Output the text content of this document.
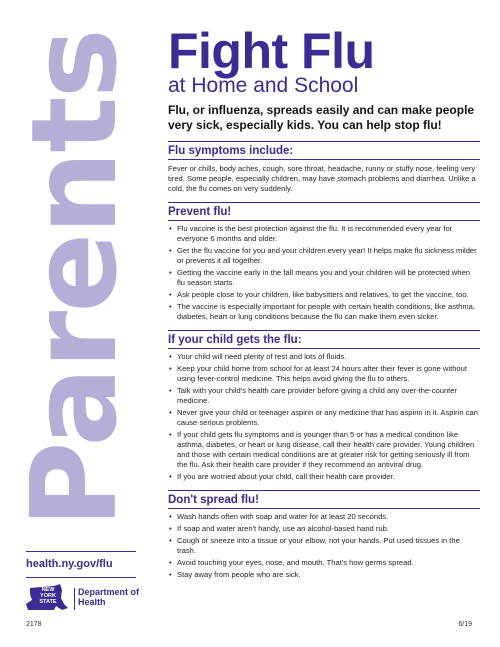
Parents
health.ny.gov/flu
NEW YORK STATE
Department of Health
2178	6/19
Fight Flu
at Home and School
Flu, or influenza, spreads easily and can make people very sick, especially kids. You can help stop flu!
Flu symptoms include:

Fever or chills, body aches, cough, sore throat, headache, runny or stuffy nose, feeling very tired. Some people, especially children, may have stomach problems and diarrhea. Unlike a cold, the flu comes on very suddenly.

Prevent flu!
• Flu vaccine is the best protection against the flu. It is recommended every year for everyone 6 months and older.
• Get the flu vaccine for you and your children every year! It helps make flu sickness milder or prevents it all together.
• Getting the vaccine early in the fall means you and your children will be protected when flu season starts.
• Ask people close to your children, like babysitters and relatives, to get the vaccine, too.
• The vaccine is especially important for people with certain health conditions, like asthma, diabetes, heart or lung conditions because the flu can make them even sicker.
If your child gets the flu:
• Your child will need plenty of rest and lots of fluids.
• Keep your child home from school for at least 24 hours after their fever is gone without using fever-control medicine. This helps avoid giving the flu to others.
• Talk with your child's health care provider before giving a child any over-the-counter medicine.
• Never give your child or teenager aspirin or any medicine that has aspirin in it. Aspirin can cause serious problems.
• If your child gets flu symptoms and is younger than 5 or has a medical condition like asthma, diabetes, or heart or lung disease, call their health care provider. Young children and those with certain medical conditions are at greater risk for getting seriously ill from the flu. Ask their health care provider if they recommend an antiviral drug.
• If you are worried about your child, call their health care provider.
Don't spread flu!
• Wash hands often with soap and water for at least 20 seconds.
• If soap and water aren't handy, use an alcohol-based hand rub.
• Cough or sneeze into a tissue or your elbow, not your hands. Put used tissues in the trash.
• Avoid touching your eyes, nose, and mouth. That's how germs spread.
• Stay away from people who are sick.
